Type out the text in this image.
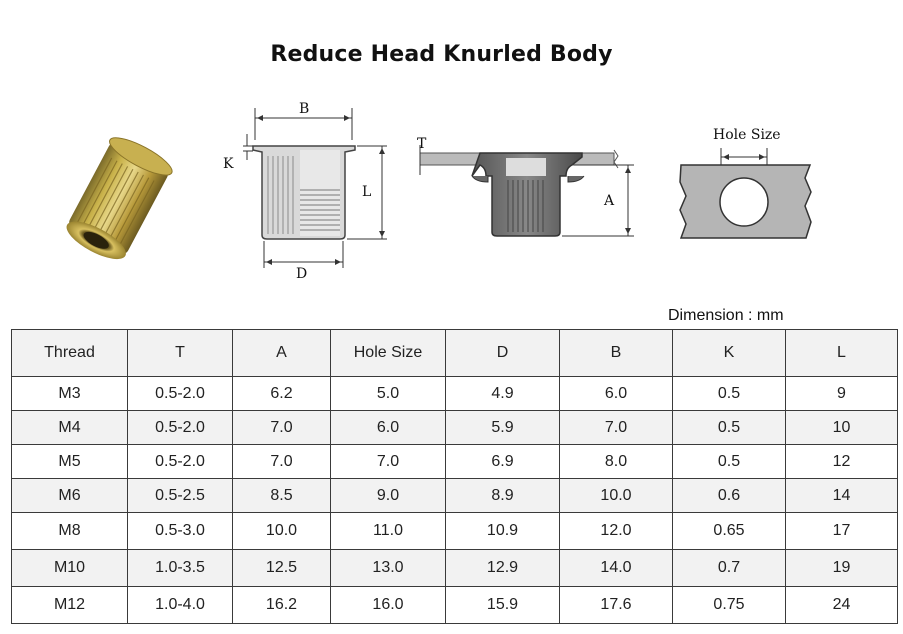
Reduce Head Knurled Body
B
K
L
D
T
A
Hole Size
Dimension : mm
Thread	T	A	Hole Size	D	B	K	L
M3	0.5-2.0	6.2	5.0	4.9	6.0	0.5	9
M4	0.5-2.0	7.0	6.0	5.9	7.0	0.5	10
M5	0.5-2.0	7.0	7.0	6.9	8.0	0.5	12
M6	0.5-2.5	8.5	9.0	8.9	10.0	0.6	14
M8	0.5-3.0	10.0	11.0	10.9	12.0	0.65	17
M10	1.0-3.5	12.5	13.0	12.9	14.0	0.7	19
M12	1.0-4.0	16.2	16.0	15.9	17.6	0.75	24
